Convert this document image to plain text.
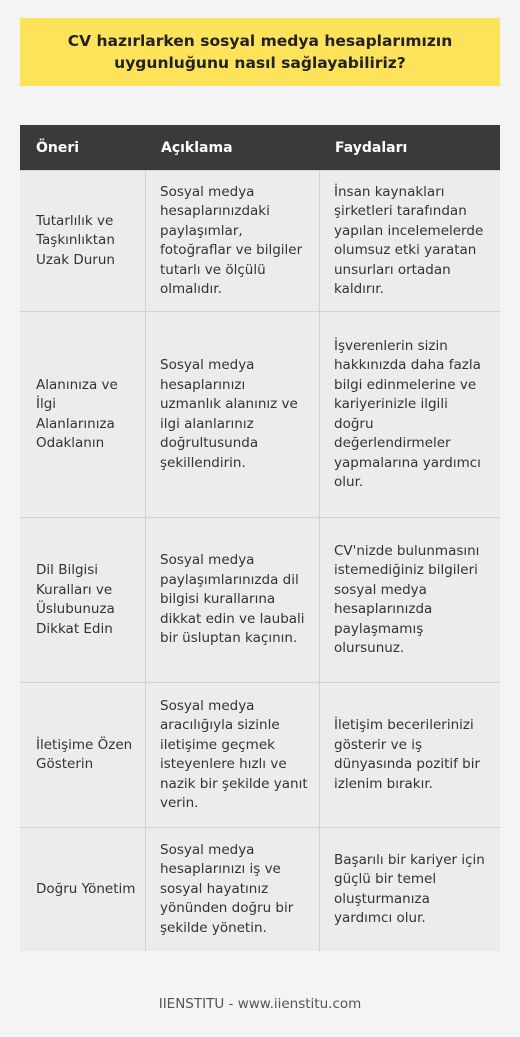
CV hazırlarken sosyal medya hesaplarımızın uygunluğunu nasıl sağlayabiliriz?
Öneri	Açıklama	Faydaları
Tutarlılık ve Taşkınlıktan Uzak Durun
Sosyal medya hesaplarınızdaki paylaşımlar, fotoğraflar ve bilgiler tutarlı ve ölçülü olmalıdır.
İnsan kaynakları şirketleri tarafından yapılan incelemelerde olumsuz etki yaratan unsurları ortadan kaldırır.
Alanınıza ve İlgi Alanlarınıza Odaklanın
Sosyal medya hesaplarınızı uzmanlık alanınız ve ilgi alanlarınız doğrultusunda şekillendirin.
İşverenlerin sizin hakkınızda daha fazla bilgi edinmelerine ve kariyerinizle ilgili doğru değerlendirmeler yapmalarına yardımcı olur.
Dil Bilgisi Kuralları ve Üslubunuza Dikkat Edin
Sosyal medya paylaşımlarınızda dil bilgisi kurallarına dikkat edin ve laubali bir üsluptan kaçının.
CV'nizde bulunmasını istemediğiniz bilgileri sosyal medya hesaplarınızda paylaşmamış olursunuz.
İletişime Özen Gösterin
Sosyal medya aracılığıyla sizinle iletişime geçmek isteyenlere hızlı ve nazik bir şekilde yanıt verin.
İletişim becerilerinizi gösterir ve iş dünyasında pozitif bir izlenim bırakır.
Doğru Yönetim
Sosyal medya hesaplarınızı iş ve sosyal hayatınız yönünden doğru bir şekilde yönetin.
Başarılı bir kariyer için güçlü bir temel oluşturmanıza yardımcı olur.
IIENSTITU - www.iienstitu.com
